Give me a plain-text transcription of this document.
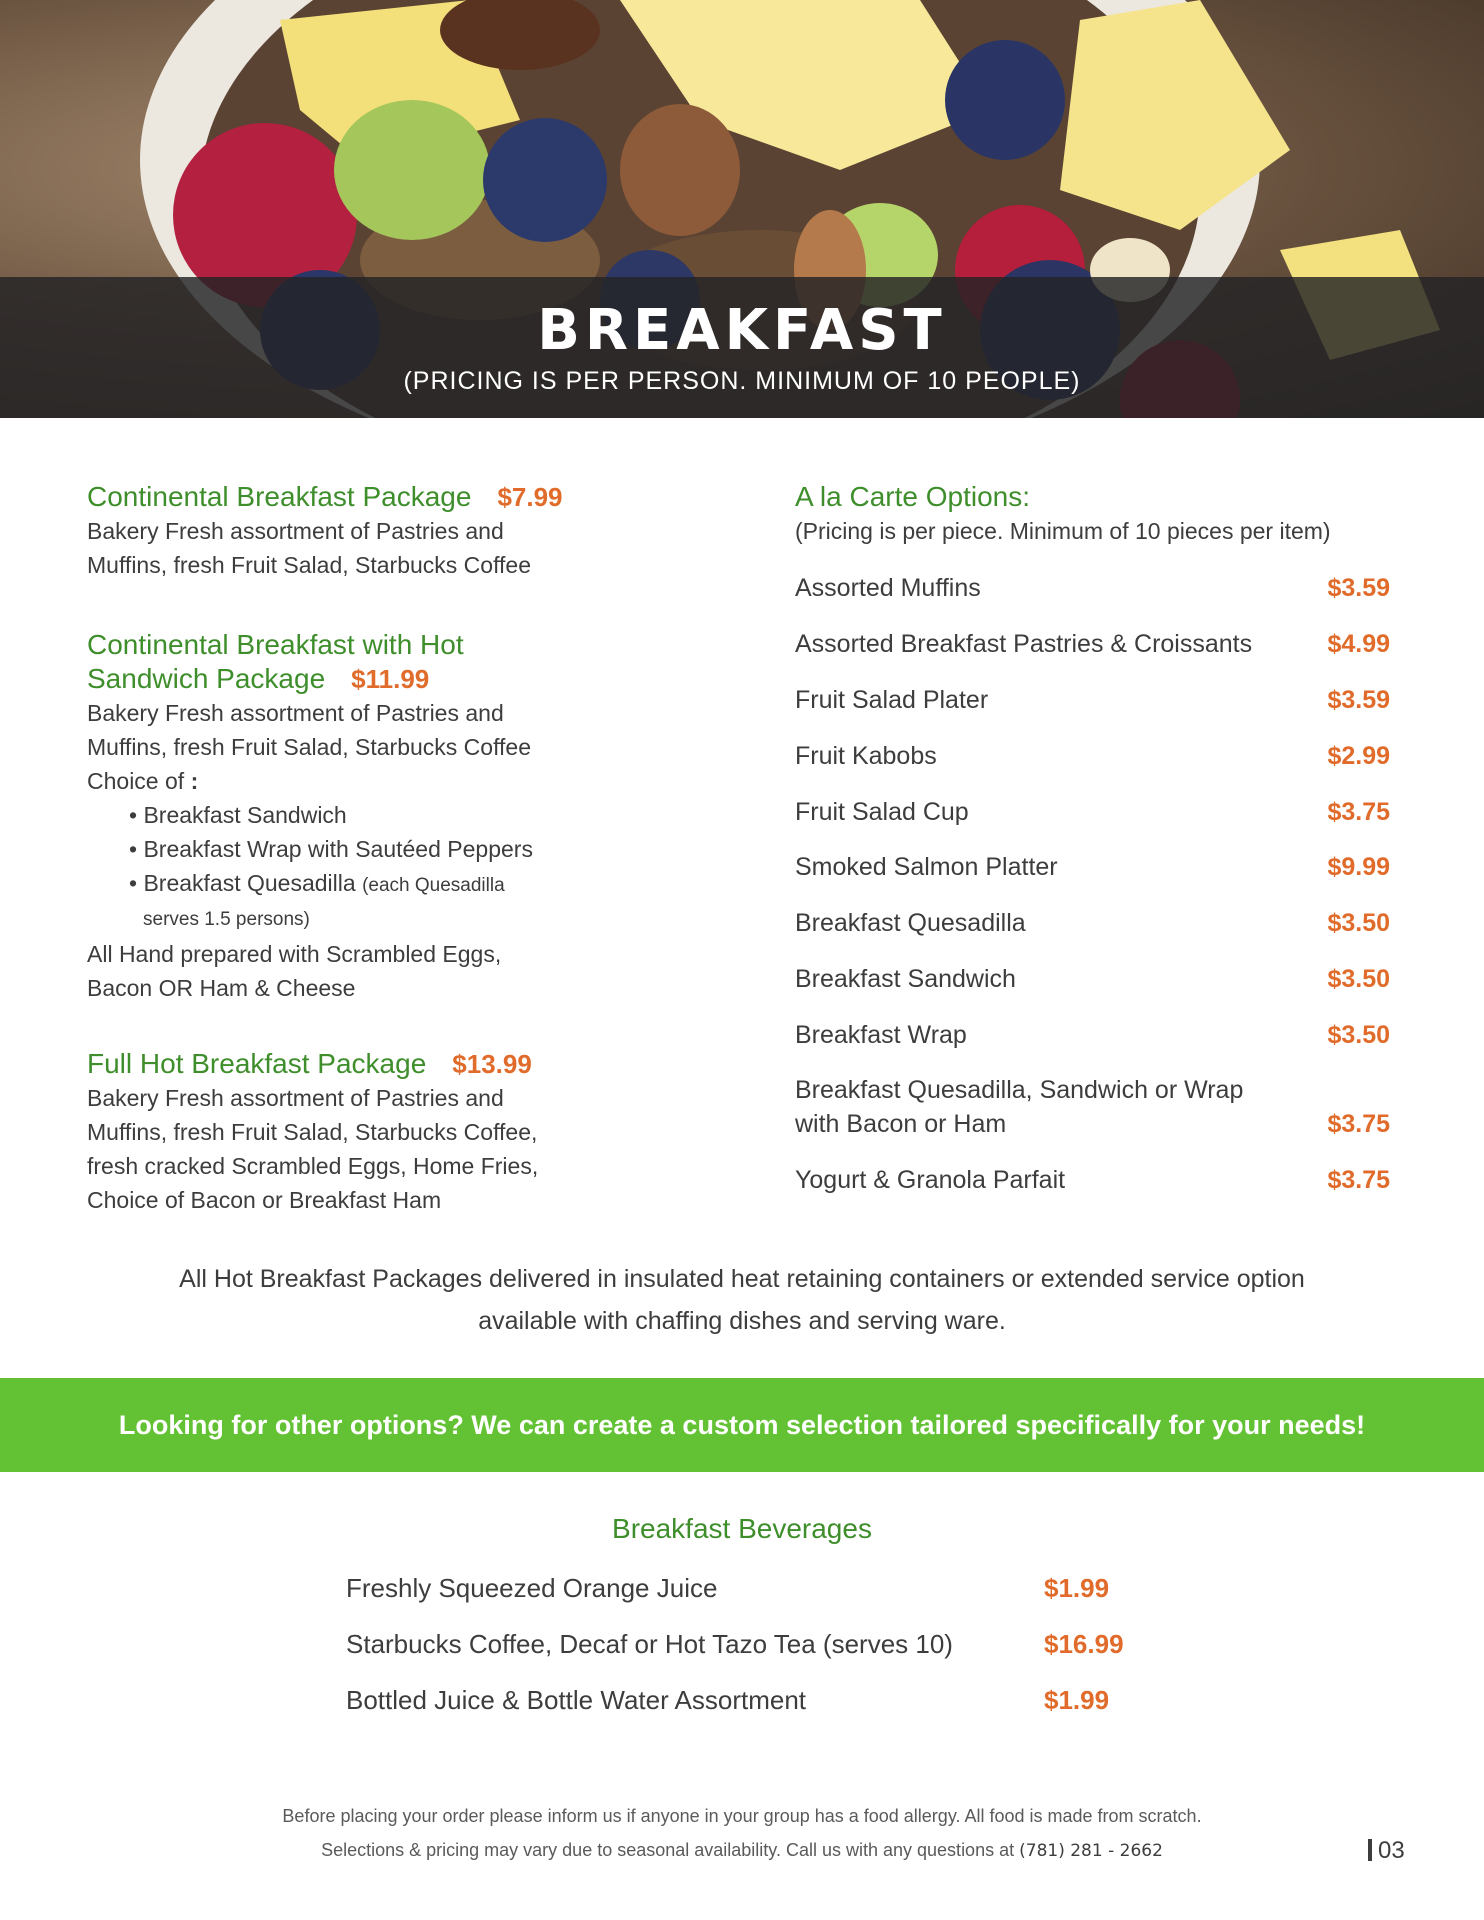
BREAKFAST
(PRICING IS PER PERSON. MINIMUM OF 10 PEOPLE)
Continental Breakfast Package $7.99
Bakery Fresh assortment of Pastries and
Muffins, fresh Fruit Salad, Starbucks Coffee
Continental Breakfast with Hot
Sandwich Package $11.99
Bakery Fresh assortment of Pastries and
Muffins, fresh Fruit Salad, Starbucks Coffee
Choice of :
• Breakfast Sandwich
• Breakfast Wrap with Sautéed Peppers
• Breakfast Quesadilla (each Quesadilla
serves 1.5 persons)
All Hand prepared with Scrambled Eggs,
Bacon OR Ham & Cheese
Full Hot Breakfast Package $13.99
Bakery Fresh assortment of Pastries and
Muffins, fresh Fruit Salad, Starbucks Coffee,
fresh cracked Scrambled Eggs, Home Fries,
Choice of Bacon or Breakfast Ham
A la Carte Options:
(Pricing is per piece. Minimum of 10 pieces per item)
Assorted Muffins	$3.59
Assorted Breakfast Pastries & Croissants	$4.99
Fruit Salad Plater	$3.59
Fruit Kabobs	$2.99
Fruit Salad Cup	$3.75
Smoked Salmon Platter	$9.99
Breakfast Quesadilla	$3.50
Breakfast Sandwich	$3.50
Breakfast Wrap	$3.50
Breakfast Quesadilla, Sandwich or Wrap
with Bacon or Ham	$3.75
Yogurt & Granola Parfait	$3.75
All Hot Breakfast Packages delivered in insulated heat retaining containers or extended service option
available with chaffing dishes and serving ware.
Looking for other options? We can create a custom selection tailored specifically for your needs!
Breakfast Beverages
Freshly Squeezed Orange Juice	$1.99
Starbucks Coffee, Decaf or Hot Tazo Tea (serves 10)	$16.99
Bottled Juice & Bottle Water Assortment	$1.99
Before placing your order please inform us if anyone in your group has a food allergy. All food is made from scratch.
Selections & pricing may vary due to seasonal availability. Call us with any questions at (781) 281 - 2662	03
